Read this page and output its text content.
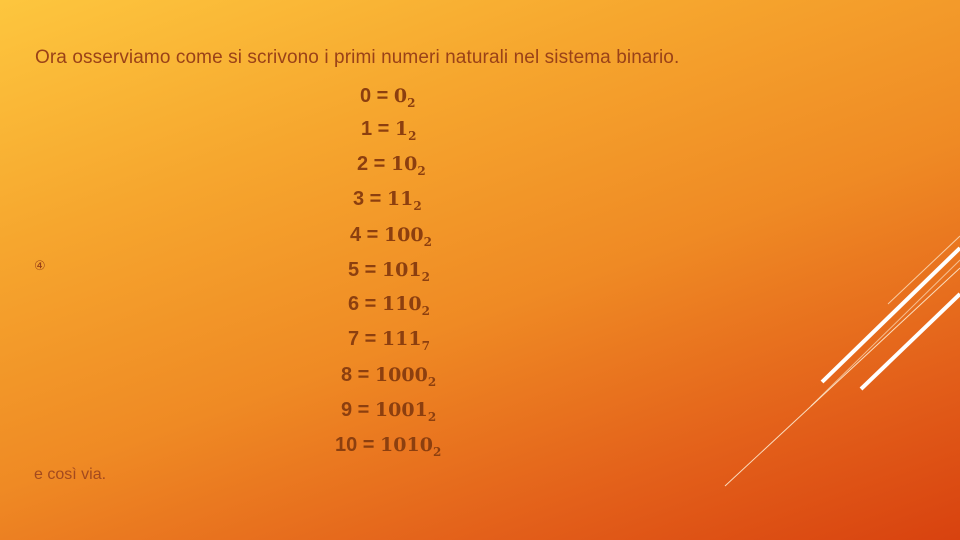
Ora osserviamo come si scrivono i primi numeri naturali nel sistema binario.
④
$0 = 0_2$
$1 = 1_2$
$2 = 10_2$
$3 = 11_2$
$4 = 100_2$
$5 = 101_2$
$6 = 110_2$
$7 = 111_7$
$8 = 1000_2$
$9 = 1001_2$
$10 = 1010_2$
e così via.
